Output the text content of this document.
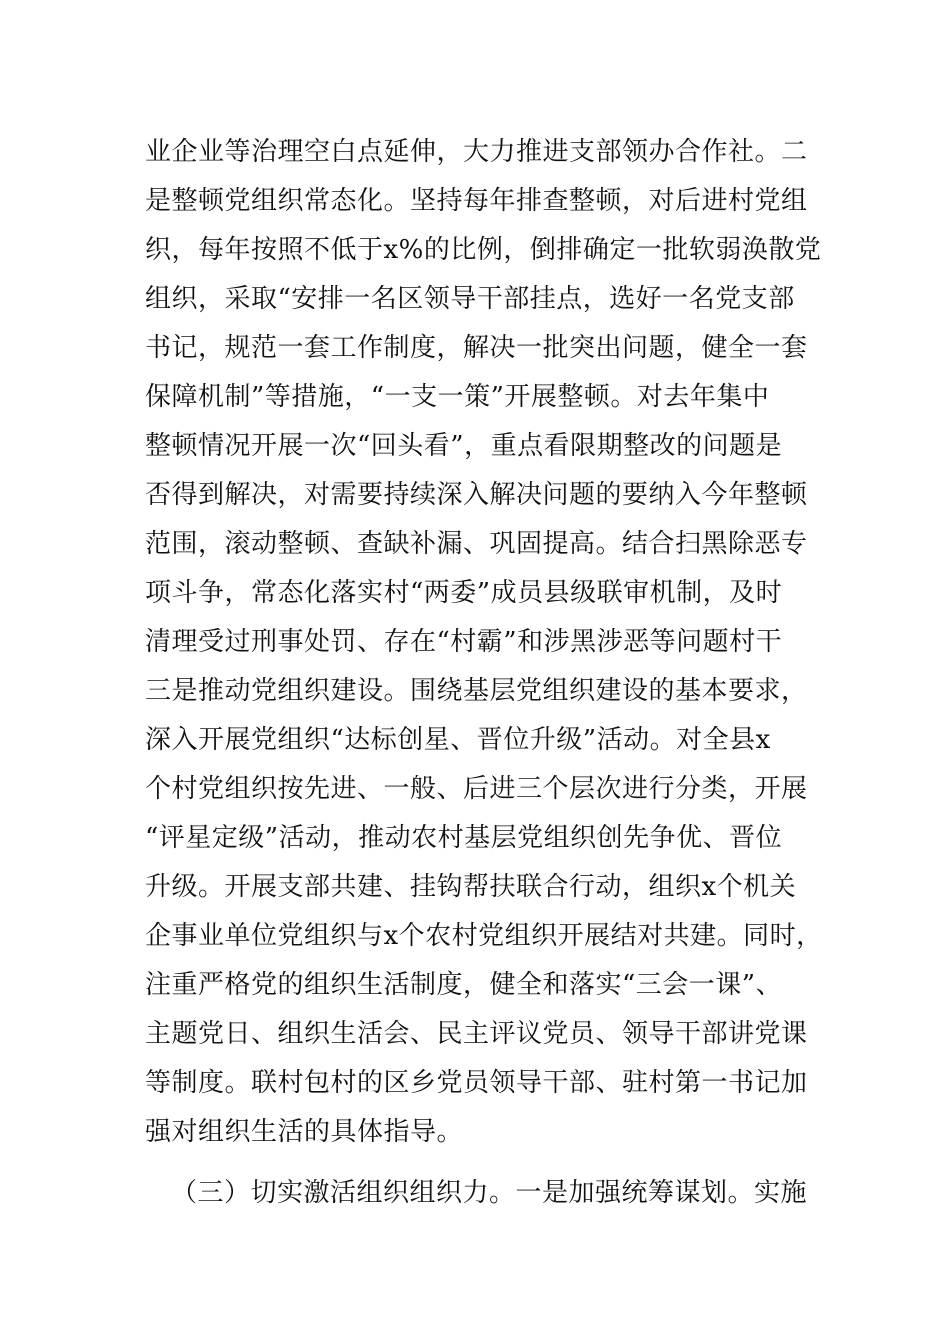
业企业等治理空白点延伸，大力推进支部领办合作社。二
是整顿党组织常态化。坚持每年排查整顿，对后进村党组
织，每年按照不低于x%的比例，倒排确定一批软弱涣散党
组织，采取“安排一名区领导干部挂点，选好一名党支部
书记，规范一套工作制度，解决一批突出问题，健全一套
保障机制”等措施，“一支一策”开展整顿。对去年集中
整顿情况开展一次“回头看”，重点看限期整改的问题是
否得到解决，对需要持续深入解决问题的要纳入今年整顿
范围，滚动整顿、查缺补漏、巩固提高。结合扫黑除恶专
项斗争，常态化落实村“两委”成员县级联审机制，及时
清理受过刑事处罚、存在“村霸”和涉黑涉恶等问题村干
三是推动党组织建设。围绕基层党组织建设的基本要求，
深入开展党组织“达标创星、晋位升级”活动。对全县x
个村党组织按先进、一般、后进三个层次进行分类，开展
“评星定级”活动，推动农村基层党组织创先争优、晋位
升级。开展支部共建、挂钩帮扶联合行动，组织x个机关
企事业单位党组织与x个农村党组织开展结对共建。同时，
注重严格党的组织生活制度，健全和落实“三会一课”、
主题党日、组织生活会、民主评议党员、领导干部讲党课
等制度。联村包村的区乡党员领导干部、驻村第一书记加
强对组织生活的具体指导。
（三）切实激活组织组织力。一是加强统筹谋划。实施
